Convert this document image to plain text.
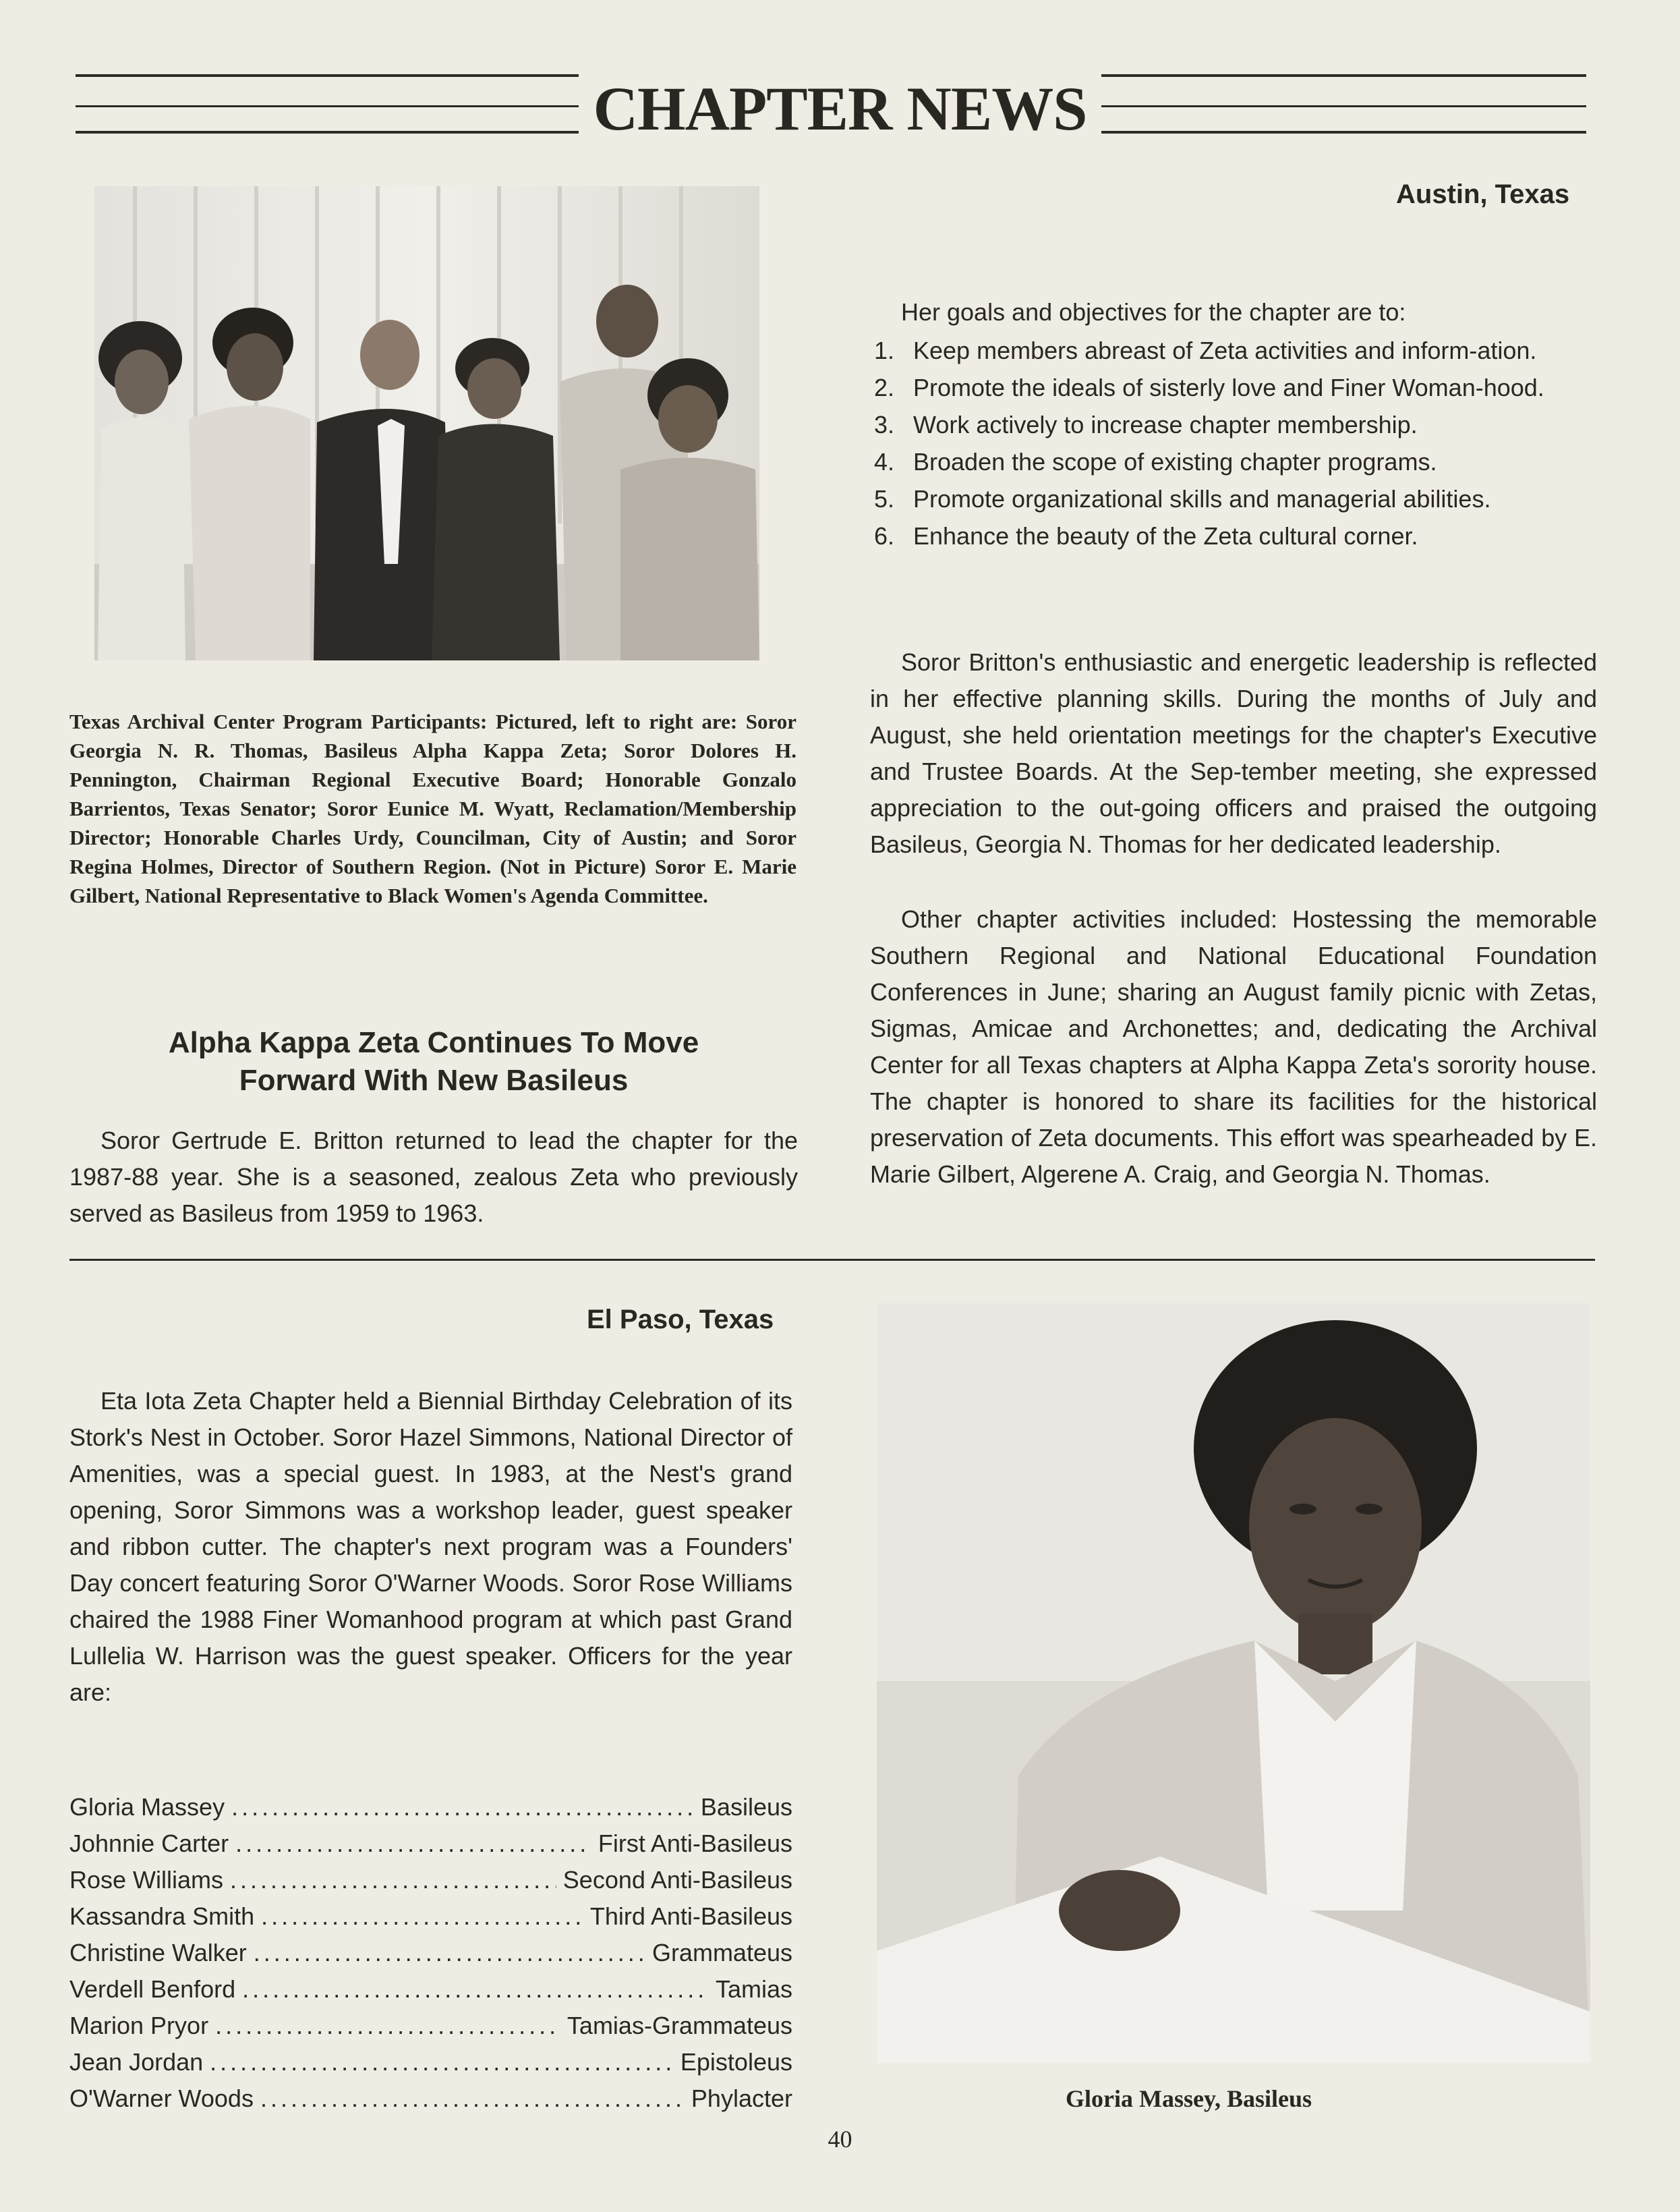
CHAPTER NEWS
Austin, Texas
Texas Archival Center Program Participants: Pictured, left to right are: Soror Georgia N. R. Thomas, Basileus Alpha Kappa Zeta; Soror Dolores H. Pennington, Chairman Regional Executive Board; Honorable Gonzalo Barrientos, Texas Senator; Soror Eunice M. Wyatt, Reclamation/Membership Director; Honorable Charles Urdy, Councilman, City of Austin; and Soror Regina Holmes, Director of Southern Region. (Not in Picture) Soror E. Marie Gilbert, National Representative to Black Women's Agenda Committee.
Alpha Kappa Zeta Continues To Move
Forward With New Basileus

Soror Gertrude E. Britton returned to lead the chapter for the 1987-88 year. She is a seasoned, zealous Zeta who previously served as Basileus from 1959 to 1963.

Her goals and objectives for the chapter are to:

1. Keep members abreast of Zeta activities and inform-ation.
2. Promote the ideals of sisterly love and Finer Woman-hood.
3. Work actively to increase chapter membership.
4. Broaden the scope of existing chapter programs.
5. Promote organizational skills and managerial abilities.
6. Enhance the beauty of the Zeta cultural corner.

Soror Britton's enthusiastic and energetic leadership is reflected in her effective planning skills. During the months of July and August, she held orientation meetings for the chapter's Executive and Trustee Boards. At the Sep-tember meeting, she expressed appreciation to the out-going officers and praised the outgoing Basileus, Georgia N. Thomas for her dedicated leadership.

Other chapter activities included: Hostessing the memorable Southern Regional and National Educational Foundation Conferences in June; sharing an August family picnic with Zetas, Sigmas, Amicae and Archonettes; and, dedicating the Archival Center for all Texas chapters at Alpha Kappa Zeta's sorority house. The chapter is honored to share its facilities for the historical preservation of Zeta documents. This effort was spearheaded by E. Marie Gilbert, Algerene A. Craig, and Georgia N. Thomas.

El Paso, Texas

Eta Iota Zeta Chapter held a Biennial Birthday Celebration of its Stork's Nest in October. Soror Hazel Simmons, National Director of Amenities, was a special guest. In 1983, at the Nest's grand opening, Soror Simmons was a workshop leader, guest speaker and ribbon cutter. The chapter's next program was a Founders' Day concert featuring Soror O'Warner Woods. Soror Rose Williams chaired the 1988 Finer Womanhood program at which past Grand Lullelia W. Harrison was the guest speaker. Officers for the year are:

Gloria Massey .....	Basileus
Johnnie Carter .....	First Anti-Basileus
Rose Williams .....	Second Anti-Basileus
Kassandra Smith .....	Third Anti-Basileus
Christine Walker .....	Grammateus
Verdell Benford .....	Tamias
Marion Pryor .....	Tamias-Grammateus
Jean Jordan .....	Epistoleus
O'Warner Woods .....	Phylacter	Gloria Massey, Basileus
40
